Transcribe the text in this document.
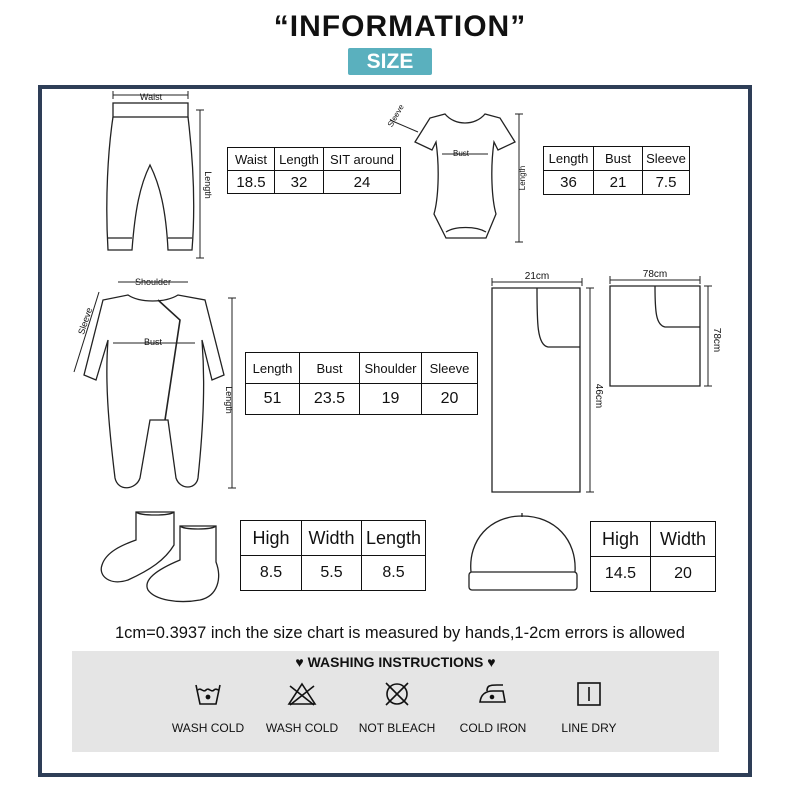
“INFORMATION”
SIZE
Waist
Length
Bust
Sleeve
Length
Shoulder
Bust
Sleeve
Length
21cm
46cm
78cm
78cm
Waist	Length	SIT around
18.5	32	24
Length	Bust	Sleeve
36	21	7.5
Length	Bust	Shoulder	Sleeve
51	23.5	19	20
High	Width	Length
8.5	5.5	8.5
High	Width
14.5	20
1cm=0.3937 inch the size chart is measured by hands,1-2cm errors is allowed
♥ WASHING INSTRUCTIONS ♥
WASH COLD	WASH COLD	NOT BLEACH	COLD IRON	LINE DRY
